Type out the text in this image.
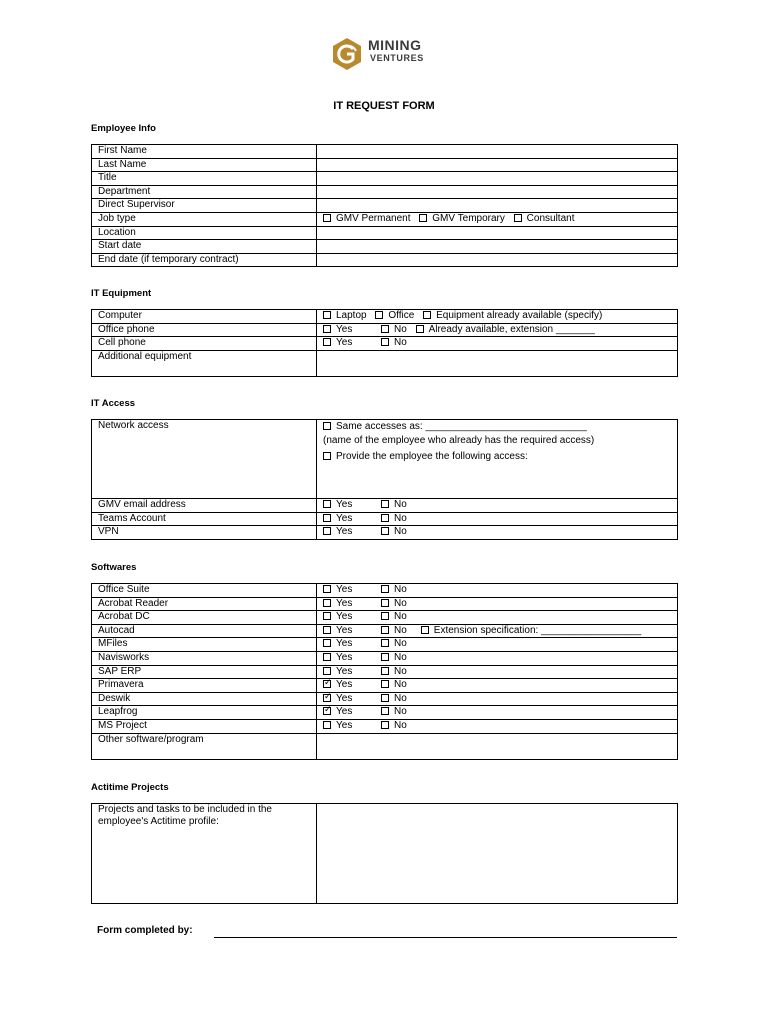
MINING
VENTURES
IT REQUEST FORM
Employee Info
First Name	
Last Name	
Title	
Department	
Direct Supervisor	
Job type	GMV Permanent GMV Temporary Consultant
Location	
Start date	
End date (if temporary contract)	
IT Equipment
Computer	Laptop Office Equipment already available (specify)
Office phone	Yes No Already available, extension _______
Cell phone	Yes No
Additional equipment	
IT Access
Network access	Same accesses as: _____________________________
(name of the employee who already has the required access)
Provide the employee the following access:

GMV email address	Yes No
Teams Account	Yes No
VPN	Yes No
Softwares
Office Suite	Yes No
Acrobat Reader	Yes No
Acrobat DC	Yes No
Autocad	Yes No Extension specification: __________________
MFiles	Yes No
Navisworks	Yes No
SAP ERP	Yes No
Primavera	✓Yes No
Deswik	✓Yes No
Leapfrog	✓Yes No
MS Project	Yes No
Other software/program	
Actitime Projects
Projects and tasks to be included in the
employee's Actitime profile:

Form completed by:
